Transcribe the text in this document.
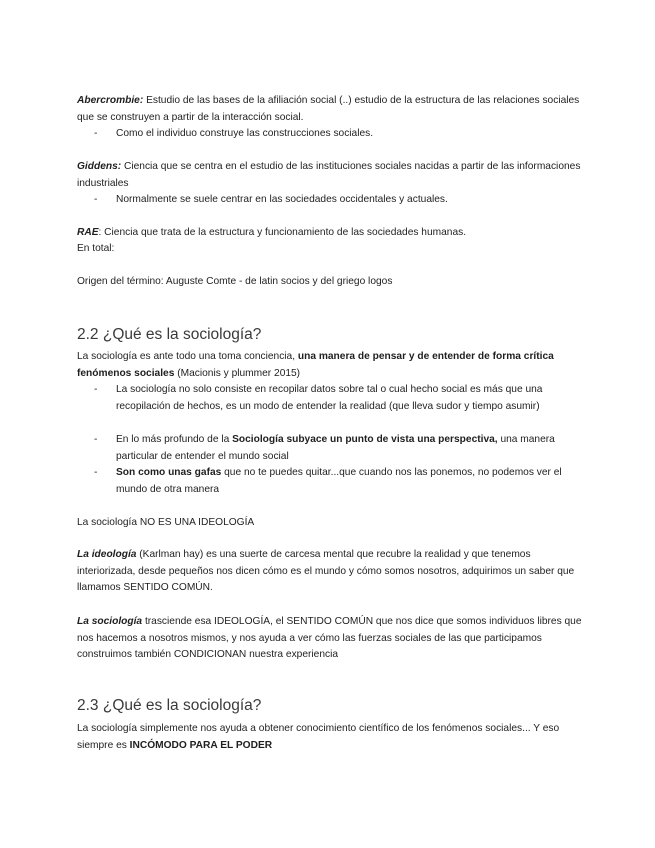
Abercrombie: Estudio de las bases de la afiliación social (..) estudio de la estructura de las relaciones sociales que se construyen a partir de la interacción social.

- Como el individuo construye las construcciones sociales.

Giddens: Ciencia que se centra en el estudio de las instituciones sociales nacidas a partir de las informaciones industriales

- Normalmente se suele centrar en las sociedades occidentales y actuales.

RAE: Ciencia que trata de la estructura y funcionamiento de las sociedades humanas.

En total:

Origen del término: Auguste Comte - de latin socios y del griego logos

2.2 ¿Qué es la sociología?

La sociología es ante todo una toma conciencia, una manera de pensar y de entender de forma crítica fenómenos sociales (Macionis y plummer 2015)

- La sociología no solo consiste en recopilar datos sobre tal o cual hecho social es más que una recopilación de hechos, es un modo de entender la realidad (que lleva sudor y tiempo asumir)

- En lo más profundo de la Sociología subyace un punto de vista una perspectiva, una manera particular de entender el mundo social

- Son como unas gafas que no te puedes quitar...que cuando nos las ponemos, no podemos ver el mundo de otra manera

La sociología NO ES UNA IDEOLOGÍA

La ideología (Karlman hay) es una suerte de carcesa mental que recubre la realidad y que tenemos interiorizada, desde pequeños nos dicen cómo es el mundo y cómo somos nosotros, adquirimos un saber que llamamos SENTIDO COMÚN.

La sociología trasciende esa IDEOLOGÍA, el SENTIDO COMÚN que nos dice que somos individuos libres que nos hacemos a nosotros mismos, y nos ayuda a ver cómo las fuerzas sociales de las que participamos construimos también CONDICIONAN nuestra experiencia

2.3 ¿Qué es la sociología?

La sociología simplemente nos ayuda a obtener conocimiento científico de los fenómenos sociales... Y eso siempre es INCÓMODO PARA EL PODER
